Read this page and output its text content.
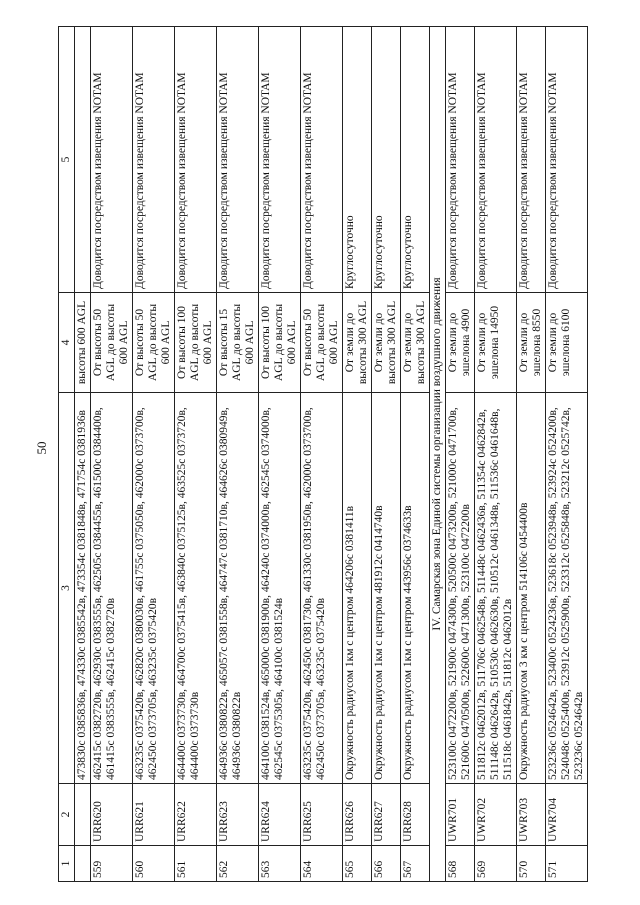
50
1	2	3	4	5
		473830с 0385836в, 474330с 0385542в, 473354с 0381848в, 471754с 0381936в	высоты 600 AGL	
559	URR620	462415с 0382720в, 462930с 0383555в, 462505с 0384455в, 461500с 0384400в, 461415с 0383555в, 462415с 0382720в	От высоты 50 AGL до высоты 600 AGL	Доводится посредством извещения NOTAM
560	URR621	463235с 0375420в, 462820с 0380030в, 461755с 0375050в, 462000с 0373700в, 462450с 0373705в, 463235с 0375420в	От высоты 50 AGL до высоты 600 AGL	Доводится посредством извещения NOTAM
561	URR622	464400с 0373730в, 464700с 0375415в, 463840с 0375125в, 463525с 0373720в, 464400с 0373730в	От высоты 100 AGL до высоты 600 AGL	Доводится посредством извещения NOTAM
562	URR623	464936с 0380822в, 465057с 0381558в, 464747с 0381710в, 464626с 0380949в, 464936с 0380822в	От высоты 15 AGL до высоты 600 AGL	Доводится посредством извещения NOTAM
563	URR624	464100с 0381524в, 465000с 0381900в, 464240с 0374000в, 462545с 0374000в, 462545с 0375305в, 464100с 0381524в	От высоты 100 AGL до высоты 600 AGL	Доводится посредством извещения NOTAM
564	URR625	463235с 0375420в, 462450с 0381730в, 461330с 0381950в, 462000с 0373700в, 462450с 0373705в, 463235с 0375420в	От высоты 50 AGL до высоты 600 AGL	Доводится посредством извещения NOTAM
565	URR626	Окружность радиусом 1км с центром 464206с 0381411в	От земли до высоты 300 AGL	Круглосуточно
566	URR627	Окружность радиусом 1км с центром 481912с 0414740в	От земли до высоты 300 AGL	Круглосуточно
567	URR628	Окружность радиусом 1км с центром 443956с 0374633в	От земли до высоты 300 AGL	Круглосуточно
IV. Самарская зона Единой системы организации воздушного движения				
568	UWR701	523100с 0472200в, 521900с 0474300в, 520500с 0473200в, 521000с 0471700в, 521600с 0470500в, 522600с 0471300в, 523100с 0472200в	От земли до эшелона 4900	Доводится посредством извещения NOTAM
569	UWR702	511812с 0462012в, 511706с 0462548в, 511448с 0462436в, 511354с 0462842в, 511148с 0462642в, 510530с 0462630в, 510512с 0461348в, 511536с 0461648в, 511518с 0461842в, 511812с 0462012в	От земли до эшелона 14950	Доводится посредством извещения NOTAM
570	UWR703	Окружность радиусом 3 км с центром 514106с 0454400в	От земли до эшелона 8550	Доводится посредством извещения NOTAM
571	UWR704	523236с 0524642в, 523400с 0524236в, 523618с 0523948в, 523924с 0524200в, 524048с 0525400в, 523912с 0525900в, 523312с 0525848в, 523212с 0525742в, 523236с 0524642в	От земли до эшелона 6100	Доводится посредством извещения NOTAM
